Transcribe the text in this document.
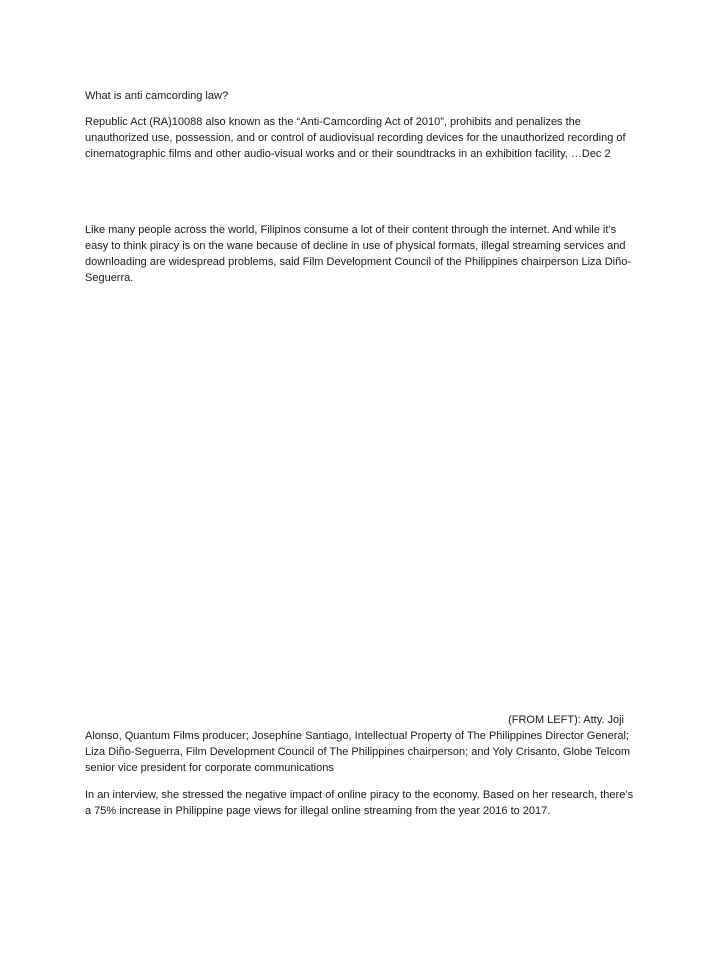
What is anti camcording law?

Republic Act (RA)10088 also known as the “Anti-Camcording Act of 2010”, prohibits and penalizes the unauthorized use, possession, and or control of audiovisual recording devices for the unauthorized recording of cinematographic films and other audio-visual works and or their soundtracks in an exhibition facility, …Dec 2

Like many people across the world, Filipinos consume a lot of their content through the internet. And while it’s easy to think piracy is on the wane because of decline in use of physical formats, illegal streaming services and downloading are widespread problems, said Film Development Council of the Philippines chairperson Liza Diño-Seguerra.

(FROM LEFT): Atty. Joji

Alonso, Quantum Films producer; Josephine Santiago, Intellectual Property of The Philippines Director General; Liza Diño-Seguerra, Film Development Council of The Philippines chairperson; and Yoly Crisanto, Globe Telcom senior vice president for corporate communications

In an interview, she stressed the negative impact of online piracy to the economy. Based on her research, there’s a 75% increase in Philippine page views for illegal online streaming from the year 2016 to 2017.
